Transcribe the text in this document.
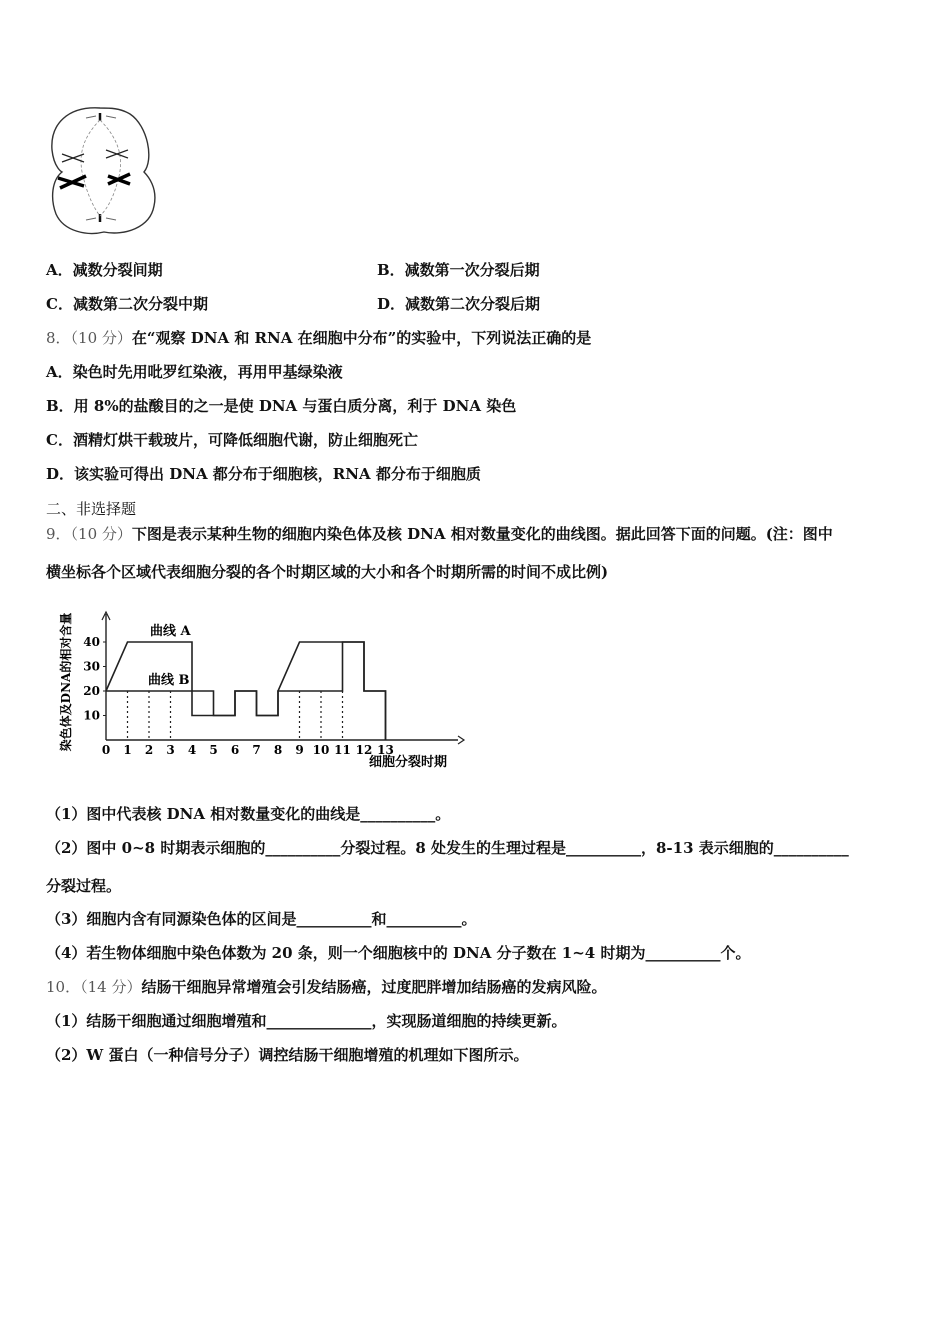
A．减数分裂间期	B．减数第一次分裂后期
C．减数第二次分裂中期	D．减数第二次分裂后期
8．（10 分）在“观察 DNA 和 RNA 在细胞中分布”的实验中，下列说法正确的是
A．染色时先用吡罗红染液，再用甲基绿染液
B．用 8%的盐酸目的之一是使 DNA 与蛋白质分离，利于 DNA 染色
C．酒精灯烘干载玻片，可降低细胞代谢，防止细胞死亡
D．该实验可得出 DNA 都分布于细胞核，RNA 都分布于细胞质
二、非选择题
9．（10 分）下图是表示某种生物的细胞内染色体及核 DNA 相对数量变化的曲线图。据此回答下面的问题。(注：图中
横坐标各个区域代表细胞分裂的各个时期区域的大小和各个时期所需的时间不成比例)
染色体及DNA的相对含量
细胞分裂时期
0 1 2 3 4 5 6 7 8 9 10 11 12 13
10
20
30
40
曲线 A
曲线 B
（1）图中代表核 DNA 相对数量变化的曲线是__________。
（2）图中 0~8 时期表示细胞的__________分裂过程。8 处发生的生理过程是__________，8-13 表示细胞的__________
分裂过程。
（3）细胞内含有同源染色体的区间是__________和__________。
（4）若生物体细胞中染色体数为 20 条，则一个细胞核中的 DNA 分子数在 1~4 时期为__________个。
10．（14 分）结肠干细胞异常增殖会引发结肠癌，过度肥胖增加结肠癌的发病风险。
（1）结肠干细胞通过细胞增殖和______________，实现肠道细胞的持续更新。
（2）W 蛋白（一种信号分子）调控结肠干细胞增殖的机理如下图所示。
